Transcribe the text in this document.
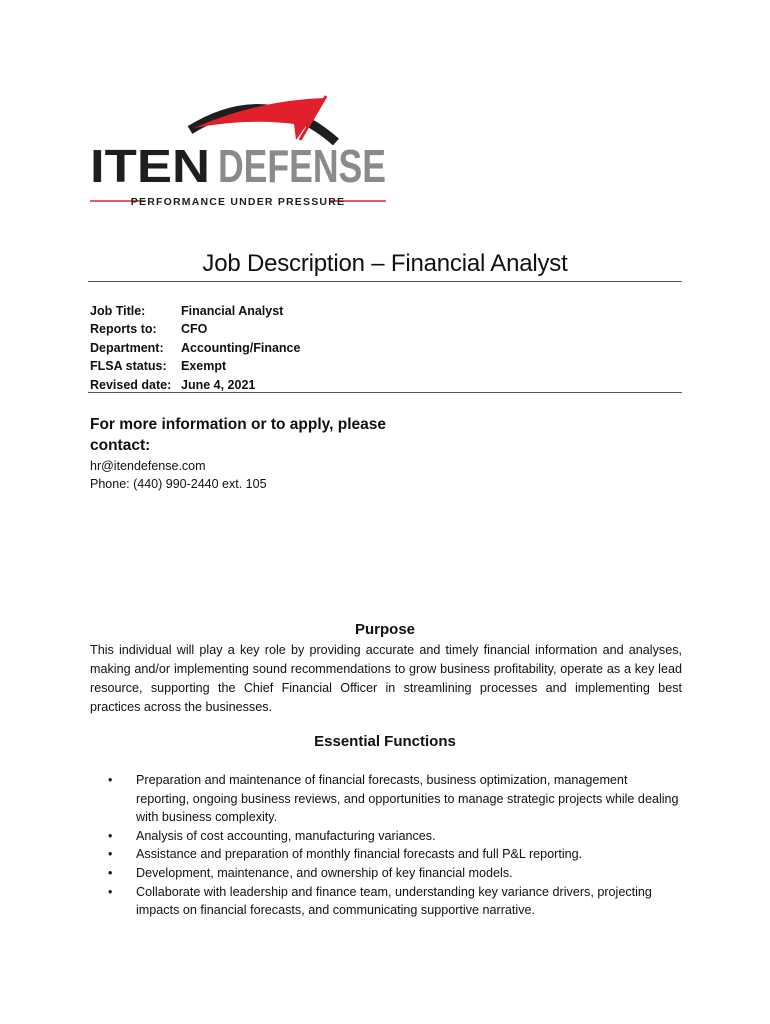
ITEN DEFENSE
PERFORMANCE UNDER PRESSURE
Job Description – Financial Analyst
Job Title:	Financial Analyst
Reports to:	CFO
Department:	Accounting/Finance
FLSA status:	Exempt
Revised date: June 4, 2021
For more information or to apply, please contact:
hr@itendefense.com
Phone: (440) 990-2440 ext. 105
Purpose
This individual will play a key role by providing accurate and timely financial information and analyses, making and/or implementing sound recommendations to grow business profitability, operate as a key lead resource, supporting the Chief Financial Officer in streamlining processes and implementing best practices across the businesses.
Essential Functions
• Preparation and maintenance of financial forecasts, business optimization, management reporting, ongoing business reviews, and opportunities to manage strategic projects while dealing with business complexity.
• Analysis of cost accounting, manufacturing variances.
• Assistance and preparation of monthly financial forecasts and full P&L reporting.
• Development, maintenance, and ownership of key financial models.
• Collaborate with leadership and finance team, understanding key variance drivers, projecting impacts on financial forecasts, and communicating supportive narrative.
